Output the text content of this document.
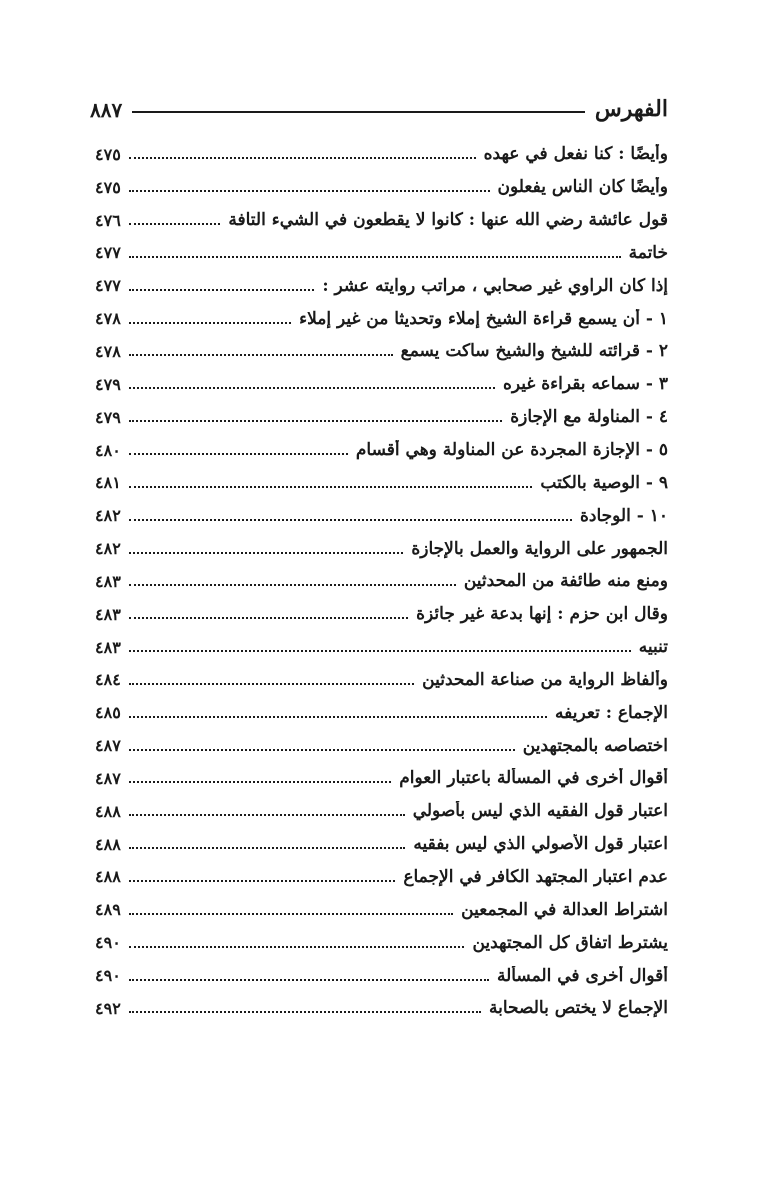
الفهرس
٨٨٧
وأيضًا : كنا نفعل في عهده
٤٧٥
وأيضًا كان الناس يفعلون
٤٧٥
قول عائشة رضي الله عنها : كانوا لا يقطعون في الشيء التافة
٤٧٦
خاتمة
٤٧٧
إذا كان الراوي غير صحابي ، مراتب روايته عشر :
٤٧٧
١ - أن يسمع قراءة الشيخ إملاء وتحديثا من غير إملاء
٤٧٨
٢ - قرائته للشيخ والشيخ ساكت يسمع
٤٧٨
٣ - سماعه بقراءة غيره
٤٧٩
٤ - المناولة مع الإجازة
٤٧٩
٥ - الإجازة المجردة عن المناولة وهي أقسام
٤٨٠
٩ - الوصية بالكتب
٤٨١
١٠ - الوجادة
٤٨٢
الجمهور على الرواية والعمل بالإجازة
٤٨٢
ومنع منه طائفة من المحدثين
٤٨٣
وقال ابن حزم : إنها بدعة غير جائزة
٤٨٣
تنبيه
٤٨٣
وألفاظ الرواية من صناعة المحدثين
٤٨٤
الإجماع : تعريفه
٤٨٥
اختصاصه بالمجتهدين
٤٨٧
أقوال أخرى في المسألة باعتبار العوام
٤٨٧
اعتبار قول الفقيه الذي ليس بأصولي
٤٨٨
اعتبار قول الأصولي الذي ليس بفقيه
٤٨٨
عدم اعتبار المجتهد الكافر في الإجماع
٤٨٨
اشتراط العدالة في المجمعين
٤٨٩
يشترط اتفاق كل المجتهدين
٤٩٠
أقوال أخرى في المسألة
٤٩٠
الإجماع لا يختص بالصحابة
٤٩٢
